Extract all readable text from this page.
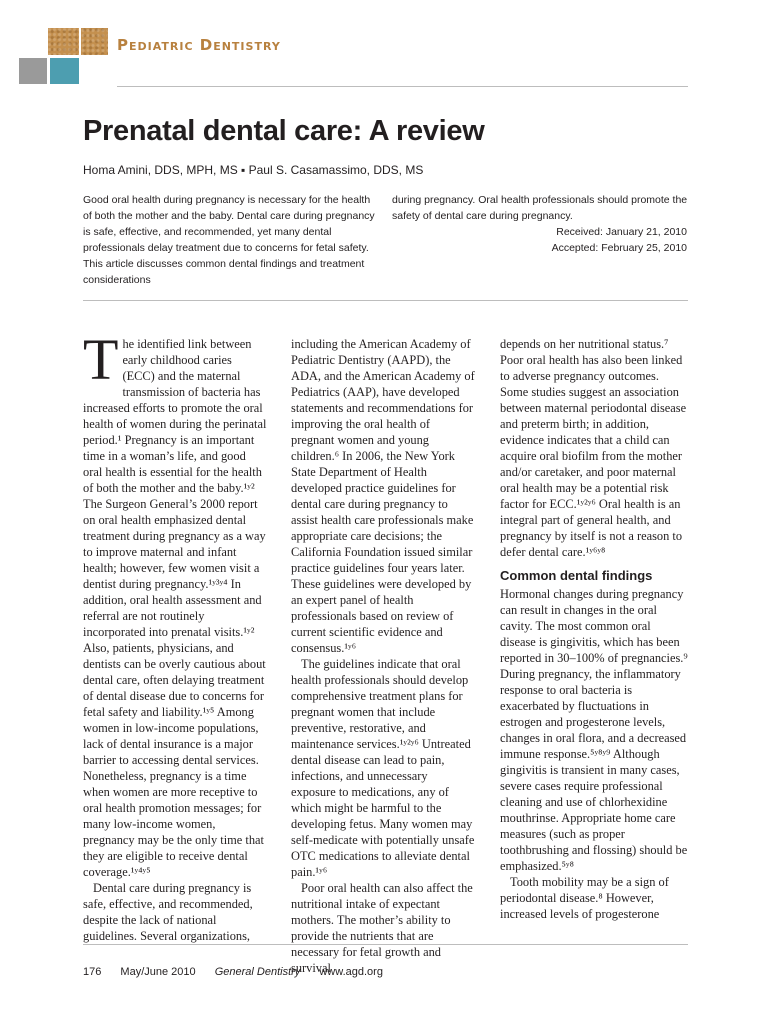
Pediatric Dentistry
Prenatal dental care: A review
Homa Amini, DDS, MPH, MS ▪ Paul S. Casamassimo, DDS, MS
Good oral health during pregnancy is necessary for the health of both the mother and the baby. Dental care during pregnancy is safe, effective, and recommended, yet many dental professionals delay treatment due to concerns for fetal safety. This article discusses common dental findings and treatment considerations
during pregnancy. Oral health professionals should promote the safety of dental care during pregnancy.
Received: January 21, 2010
Accepted: February 25, 2010
T he identified link between early childhood caries (ECC) and the maternal transmission of bacteria has increased efforts to promote the oral health of women during the perinatal period.¹ Pregnancy is an important time in a woman’s life, and good oral health is essential for the health of both the mother and the baby.¹ʸ² The Surgeon General’s 2000 report on oral health emphasized dental treatment during pregnancy as a way to improve maternal and infant health; however, few women visit a dentist during pregnancy.¹ʸ³ʸ⁴ In addition, oral health assessment and referral are not routinely incorporated into prenatal visits.¹ʸ² Also, patients, physicians, and dentists can be overly cautious about dental care, often delaying treatment of dental disease due to concerns for fetal safety and liability.¹ʸ⁵ Among women in low-income populations, lack of dental insurance is a major barrier to accessing dental services. Nonetheless, pregnancy is a time when women are more receptive to oral health promotion messages; for many low-income women, pregnancy may be the only time that they are eligible to receive dental coverage.¹ʸ⁴ʸ⁵

Dental care during pregnancy is safe, effective, and recommended, despite the lack of national guidelines. Several organizations,

including the American Academy of Pediatric Dentistry (AAPD), the ADA, and the American Academy of Pediatrics (AAP), have developed statements and recommendations for improving the oral health of pregnant women and young children.⁶ In 2006, the New York State Department of Health developed practice guidelines for dental care during pregnancy to assist health care professionals make appropriate care decisions; the California Foundation issued similar practice guidelines four years later. These guidelines were developed by an expert panel of health professionals based on review of current scientific evidence and consensus.¹ʸ⁶

The guidelines indicate that oral health professionals should develop comprehensive treatment plans for pregnant women that include preventive, restorative, and maintenance services.¹ʸ²ʸ⁶ Untreated dental disease can lead to pain, infections, and unnecessary exposure to medications, any of which might be harmful to the developing fetus. Many women may self-medicate with potentially unsafe OTC medications to alleviate dental pain.¹ʸ⁶

Poor oral health can also affect the nutritional intake of expectant mothers. The mother’s ability to provide the nutrients that are necessary for fetal growth and survival

depends on her nutritional status.⁷ Poor oral health has also been linked to adverse pregnancy outcomes. Some studies suggest an association between maternal periodontal disease and preterm birth; in addition, evidence indicates that a child can acquire oral biofilm from the mother and/or caretaker, and poor maternal oral health may be a potential risk factor for ECC.¹ʸ²ʸ⁶ Oral health is an integral part of general health, and pregnancy by itself is not a reason to defer dental care.¹ʸ⁶ʸ⁸

Common dental findings

Hormonal changes during pregnancy can result in changes in the oral cavity. The most common oral disease is gingivitis, which has been reported in 30–100% of pregnancies.⁹ During pregnancy, the inflammatory response to oral bacteria is exacerbated by fluctuations in estrogen and progesterone levels, changes in oral flora, and a decreased immune response.⁵ʸ⁸ʸ⁹ Although gingivitis is transient in many cases, severe cases require professional cleaning and use of chlorhexidine mouthrinse. Appropriate home care measures (such as proper toothbrushing and flossing) should be emphasized.⁵ʸ⁸

Tooth mobility may be a sign of periodontal disease.⁸ However, increased levels of progesterone

176 May/June 2010 General Dentistry www.agd.org
